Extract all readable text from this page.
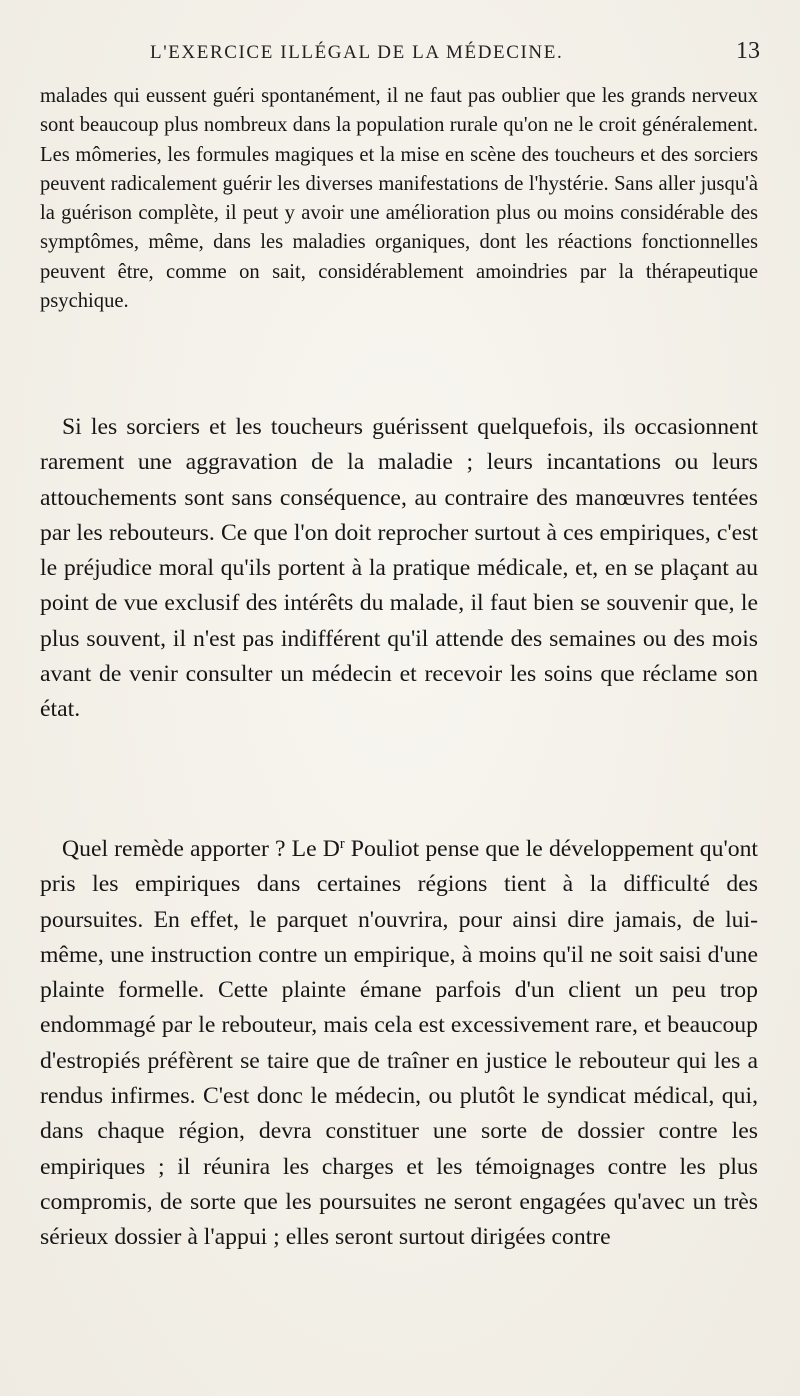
L'EXERCICE ILLÉGAL DE LA MÉDECINE.	13

malades qui eussent guéri spontanément, il ne faut pas oublier que les grands nerveux sont beaucoup plus nombreux dans la population rurale qu'on ne le croit généralement. Les mômeries, les formules magiques et la mise en scène des toucheurs et des sorciers peuvent radicalement guérir les diverses manifestations de l'hystérie. Sans aller jusqu'à la guérison complète, il peut y avoir une amélioration plus ou moins considérable des symptômes, même, dans les maladies organiques, dont les réactions fonctionnelles peuvent être, comme on sait, considérablement amoindries par la thérapeutique psychique.

Si les sorciers et les toucheurs guérissent quelquefois, ils occasionnent rarement une aggravation de la maladie ; leurs incantations ou leurs attouchements sont sans conséquence, au contraire des manœuvres tentées par les rebouteurs. Ce que l'on doit reprocher surtout à ces empiriques, c'est le préjudice moral qu'ils portent à la pratique médicale, et, en se plaçant au point de vue exclusif des intérêts du malade, il faut bien se souvenir que, le plus souvent, il n'est pas indifférent qu'il attende des semaines ou des mois avant de venir consulter un médecin et recevoir les soins que réclame son état.

Quel remède apporter ? Le $D^r$ Pouliot pense que le développement qu'ont pris les empiriques dans certaines régions tient à la difficulté des poursuites. En effet, le parquet n'ouvrira, pour ainsi dire jamais, de lui-même, une instruction contre un empirique, à moins qu'il ne soit saisi d'une plainte formelle. Cette plainte émane parfois d'un client un peu trop endommagé par le rebouteur, mais cela est excessivement rare, et beaucoup d'estropiés préfèrent se taire que de traîner en justice le rebouteur qui les a rendus infirmes. C'est donc le médecin, ou plutôt le syndicat médical, qui, dans chaque région, devra constituer une sorte de dossier contre les empiriques ; il réunira les charges et les témoignages contre les plus compromis, de sorte que les poursuites ne seront engagées qu'avec un très sérieux dossier à l'appui ; elles seront surtout dirigées contre
